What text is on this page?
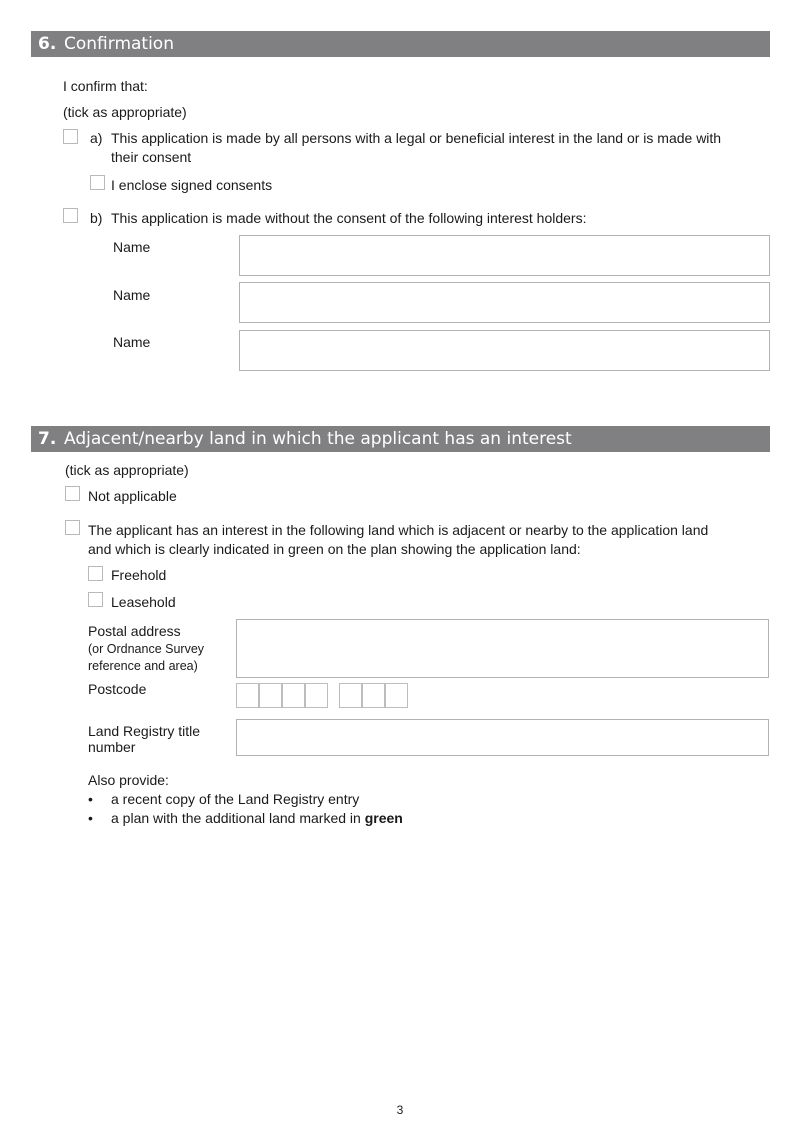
6. Confirmation
I confirm that:
(tick as appropriate)
a) This application is made by all persons with a legal or beneficial interest in the land or is made with
their consent
I enclose signed consents
b) This application is made without the consent of the following interest holders:
Name
Name
Name
7. Adjacent/nearby land in which the applicant has an interest
(tick as appropriate)
Not applicable
The applicant has an interest in the following land which is adjacent or nearby to the application land
and which is clearly indicated in green on the plan showing the application land:
Freehold
Leasehold
Postal address
(or Ordnance Survey
reference and area)
Postcode
Land Registry title
number
Also provide:
• a recent copy of the Land Registry entry
• a plan with the additional land marked in green
3
